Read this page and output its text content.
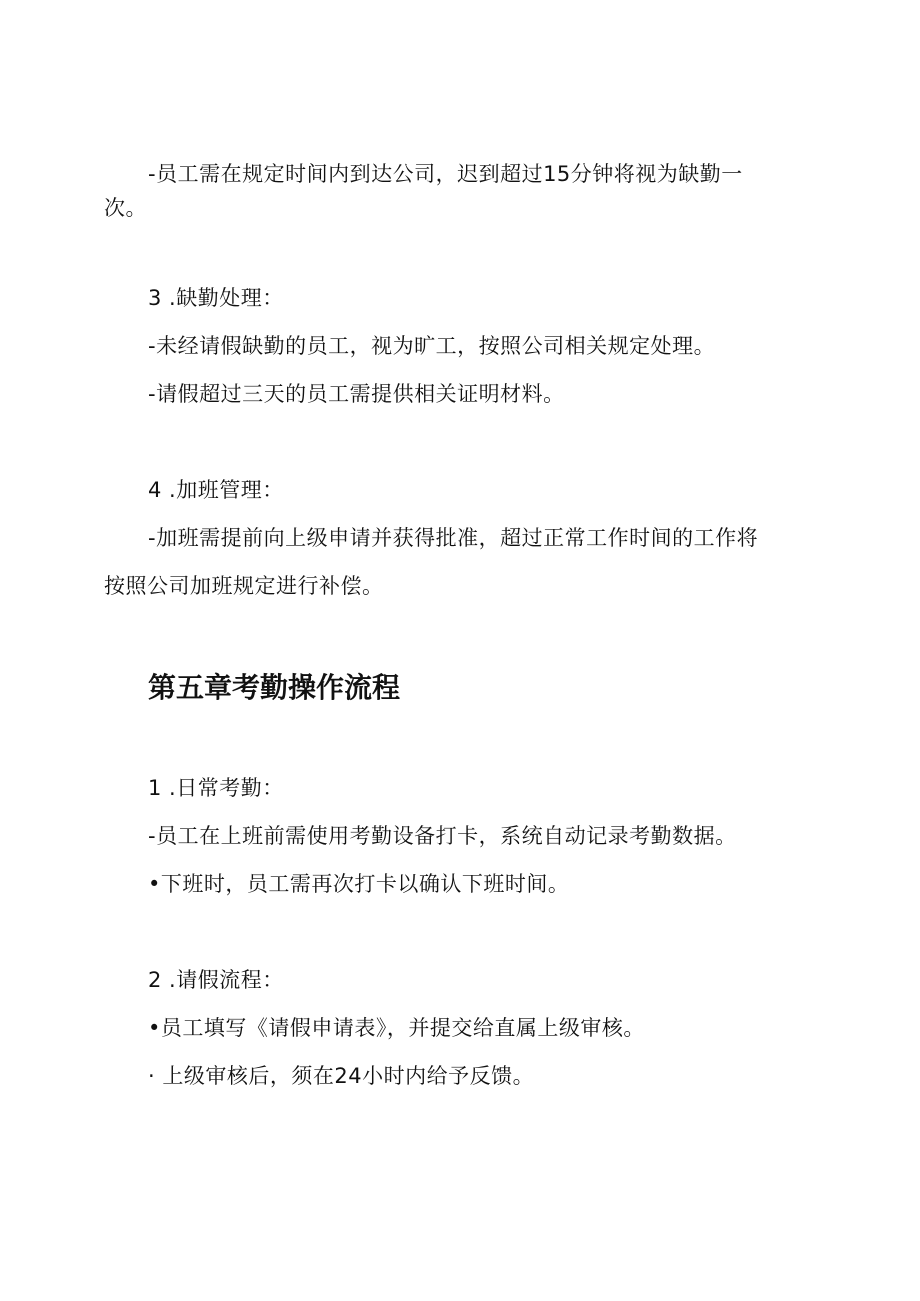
-员工需在规定时间内到达公司，迟到超过15分钟将视为缺勤一
次。
3 .缺勤处理：
-未经请假缺勤的员工，视为旷工，按照公司相关规定处理。
-请假超过三天的员工需提供相关证明材料。
4 .加班管理：
-加班需提前向上级申请并获得批准，超过正常工作时间的工作将
按照公司加班规定进行补偿。
第五章考勤操作流程
1 .日常考勤：
-员工在上班前需使用考勤设备打卡，系统自动记录考勤数据。
•下班时，员工需再次打卡以确认下班时间。
2 .请假流程：
•员工填写《请假申请表》，并提交给直属上级审核。
· 上级审核后，须在24小时内给予反馈。
